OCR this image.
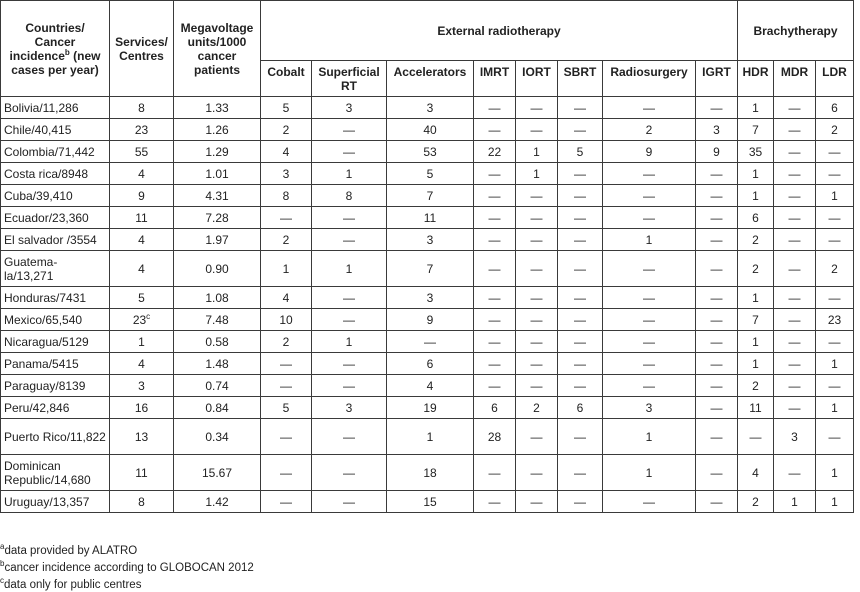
Countries/ Cancer incidence$^b$ (new cases per year)	Services/ Centres	Megavoltage units/1000 cancer patients	External radiotherapy								Brachytherapy		
			Cobalt	Superficial RT	Accelerators	IMRT	IORT	SBRT	Radiosurgery	IGRT	HDR	MDR	LDR
Bolivia/11,286	8	1.33	5	3	3	—	—	—	—	—	1	—	6
Chile/40,415	23	1.26	2	—	40	—	—	—	2	3	7	—	2
Colombia/71,442	55	1.29	4	—	53	22	1	5	9	9	35	—	—
Costa rica/8948	4	1.01	3	1	5	—	1	—	—	—	1	—	—
Cuba/39,410	9	4.31	8	8	7	—	—	—	—	—	1	—	1
Ecuador/23,360	11	7.28	—	—	11	—	—	—	—	—	6	—	—
El salvador /3554	4	1.97	2	—	3	—	—	—	1	—	2	—	—
Guatema-la/13,271	4	0.90	1	1	7	—	—	—	—	—	2	—	2
Honduras/7431	5	1.08	4	—	3	—	—	—	—	—	1	—	—
Mexico/65,540	23$^c$	7.48	10	—	9	—	—	—	—	—	7	—	23
Nicaragua/5129	1	0.58	2	1	—	—	—	—	—	—	1	—	—
Panama/5415	4	1.48	—	—	6	—	—	—	—	—	1	—	1
Paraguay/8139	3	0.74	—	—	4	—	—	—	—	—	2	—	—
Peru/42,846	16	0.84	5	3	19	6	2	6	3	—	11	—	1
Puerto Rico/11,822	13	0.34	—	—	1	28	—	—	1	—	—	3	—
Dominican Republic/14,680	11	15.67	—	—	18	—	—	—	1	—	4	—	1
Uruguay/13,357	8	1.42	—	—	15	—	—	—	—	—	2	1	1
$^a$data provided by ALATRO
$^b$cancer incidence according to GLOBOCAN 2012
$^c$data only for public centres
